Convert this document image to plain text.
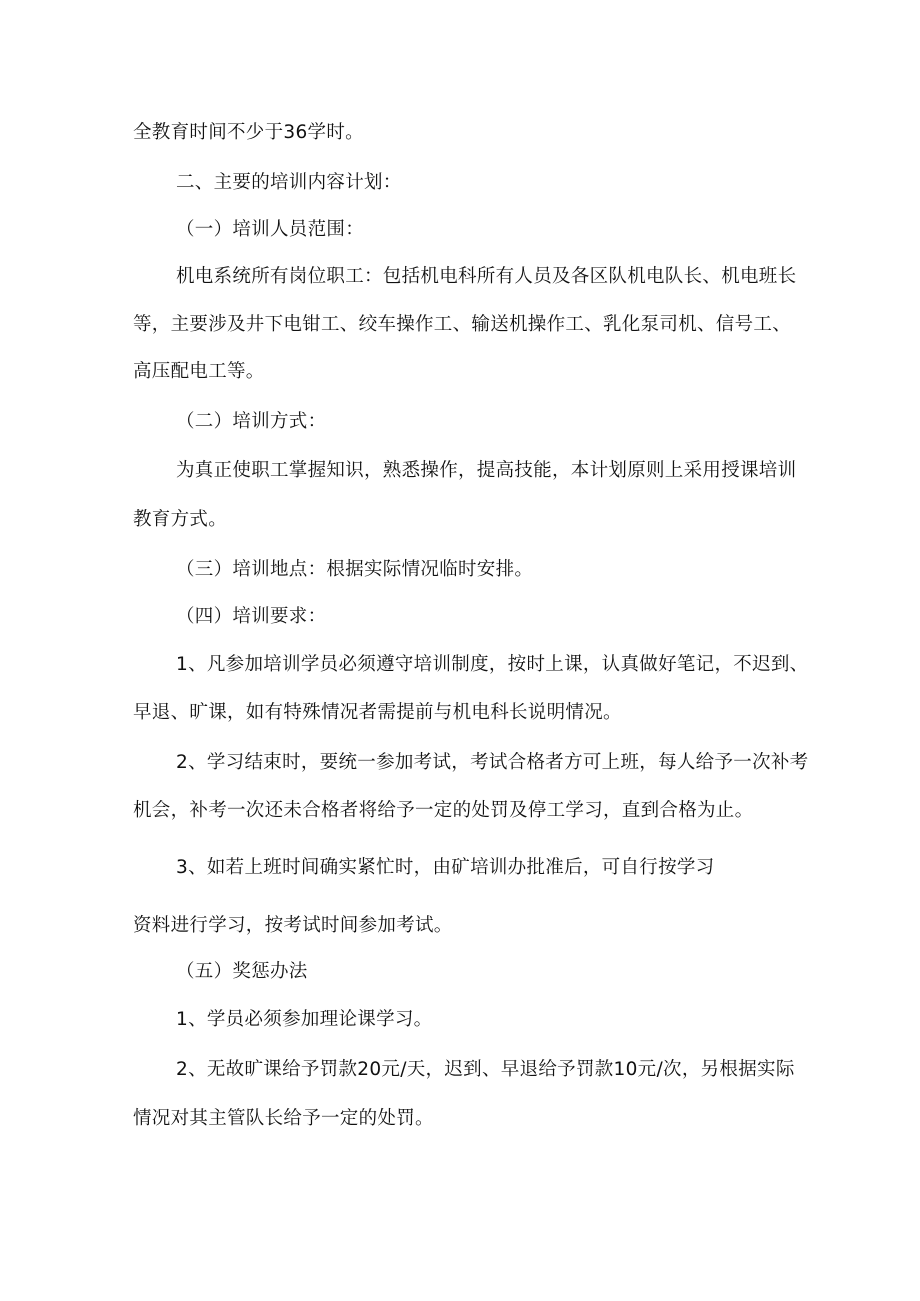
全教育时间不少于36学时。
二、主要的培训内容计划：
（一）培训人员范围：
机电系统所有岗位职工：包括机电科所有人员及各区队机电队长、机电班长
等，主要涉及井下电钳工、绞车操作工、输送机操作工、乳化泵司机、信号工、
高压配电工等。
（二）培训方式：
为真正使职工掌握知识，熟悉操作，提高技能，本计划原则上采用授课培训
教育方式。
（三）培训地点：根据实际情况临时安排。
（四）培训要求：
1、凡参加培训学员必须遵守培训制度，按时上课，认真做好笔记，不迟到、
早退、旷课，如有特殊情况者需提前与机电科长说明情况。
2、学习结束时，要统一参加考试，考试合格者方可上班，每人给予一次补考
机会，补考一次还未合格者将给予一定的处罚及停工学习，直到合格为止。
3、如若上班时间确实紧忙时，由矿培训办批准后，可自行按学习
资料进行学习，按考试时间参加考试。
（五）奖惩办法
1、学员必须参加理论课学习。
2、无故旷课给予罚款20元/天，迟到、早退给予罚款10元/次，另根据实际
情况对其主管队长给予一定的处罚。
